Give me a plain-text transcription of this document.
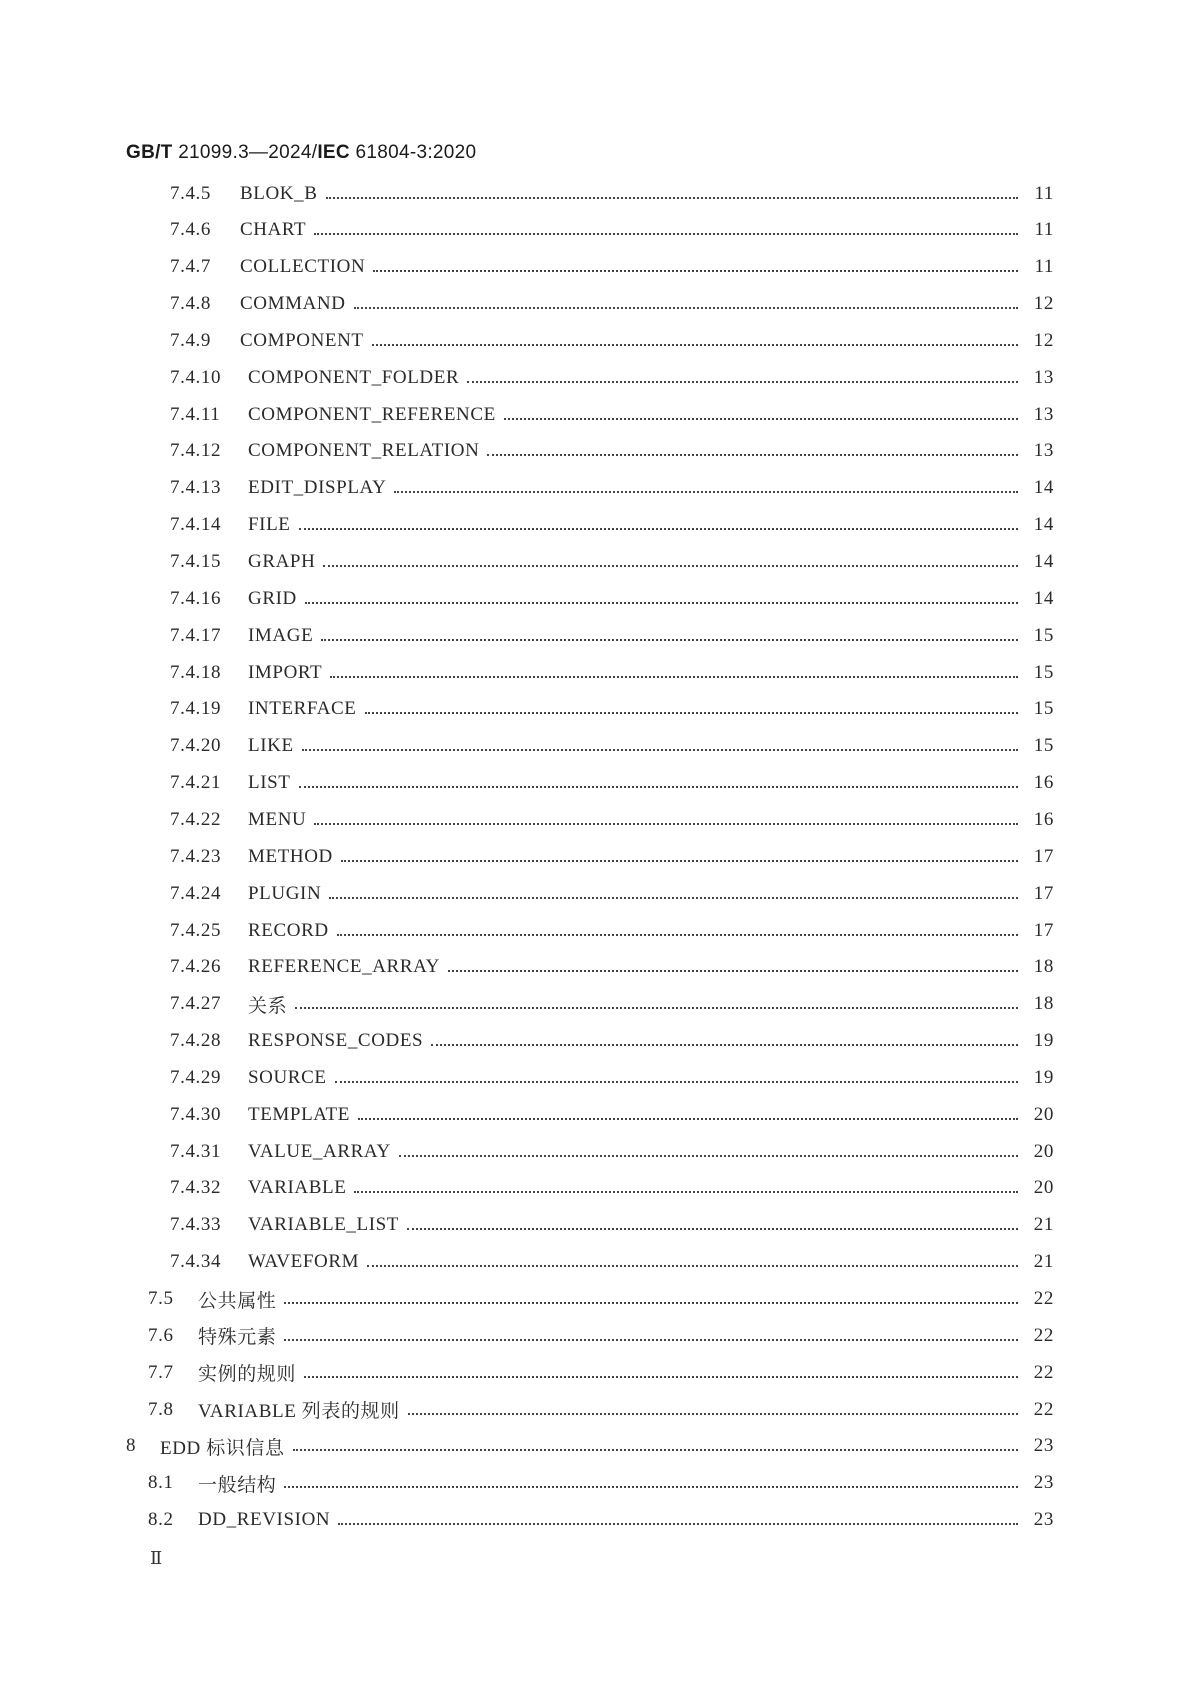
GB/T 21099.3—2024/IEC 61804-3:2020
7.4.5	BLOK_B	11
7.4.6	CHART	11
7.4.7	COLLECTION	11
7.4.8	COMMAND	12
7.4.9	COMPONENT	12
7.4.10	COMPONENT_FOLDER	13
7.4.11	COMPONENT_REFERENCE	13
7.4.12	COMPONENT_RELATION	13
7.4.13	EDIT_DISPLAY	14
7.4.14	FILE	14
7.4.15	GRAPH	14
7.4.16	GRID	14
7.4.17	IMAGE	15
7.4.18	IMPORT	15
7.4.19	INTERFACE	15
7.4.20	LIKE	15
7.4.21	LIST	16
7.4.22	MENU	16
7.4.23	METHOD	17
7.4.24	PLUGIN	17
7.4.25	RECORD	17
7.4.26	REFERENCE_ARRAY	18
7.4.27	关系	18
7.4.28	RESPONSE_CODES	19
7.4.29	SOURCE	19
7.4.30	TEMPLATE	20
7.4.31	VALUE_ARRAY	20
7.4.32	VARIABLE	20
7.4.33	VARIABLE_LIST	21
7.4.34	WAVEFORM	21
7.5	公共属性	22
7.6	特殊元素	22
7.7	实例的规则	22
7.8	VARIABLE 列表的规则	22
8	EDD 标识信息	23
8.1	一般结构	23
8.2	DD_REVISION	23
Ⅱ
